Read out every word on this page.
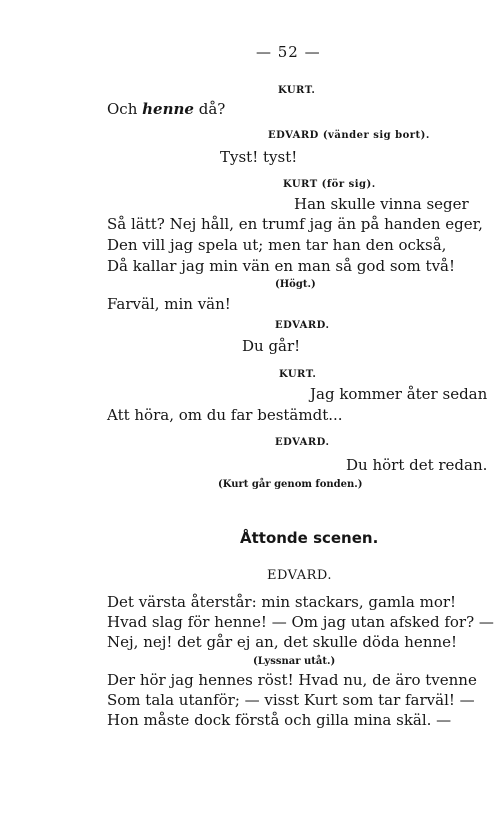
— 52 —
KURT.
Och henne då?
EDVARD (vänder sig bort).
Tyst! tyst!
KURT (för sig).
Han skulle vinna seger
Så lätt? Nej håll, en trumf jag än på handen eger,
Den vill jag spela ut; men tar han den också,
Då kallar jag min vän en man så god som två!
(Högt.)
Farväl, min vän!
EDVARD.
Du går!
KURT.
Jag kommer åter sedan
Att höra, om du far bestämdt...
EDVARD.
Du hört det redan.
(Kurt går genom fonden.)
Åttonde scenen.
EDVARD.
Det värsta återstår: min stackars, gamla mor!
Hvad slag för henne! — Om jag utan afsked for? —
Nej, nej! det går ej an, det skulle döda henne!
(Lyssnar utåt.)
Der hör jag hennes röst! Hvad nu, de äro tvenne
Som tala utanför; — visst Kurt som tar farväl! —
Hon måste dock förstå och gilla mina skäl. —
